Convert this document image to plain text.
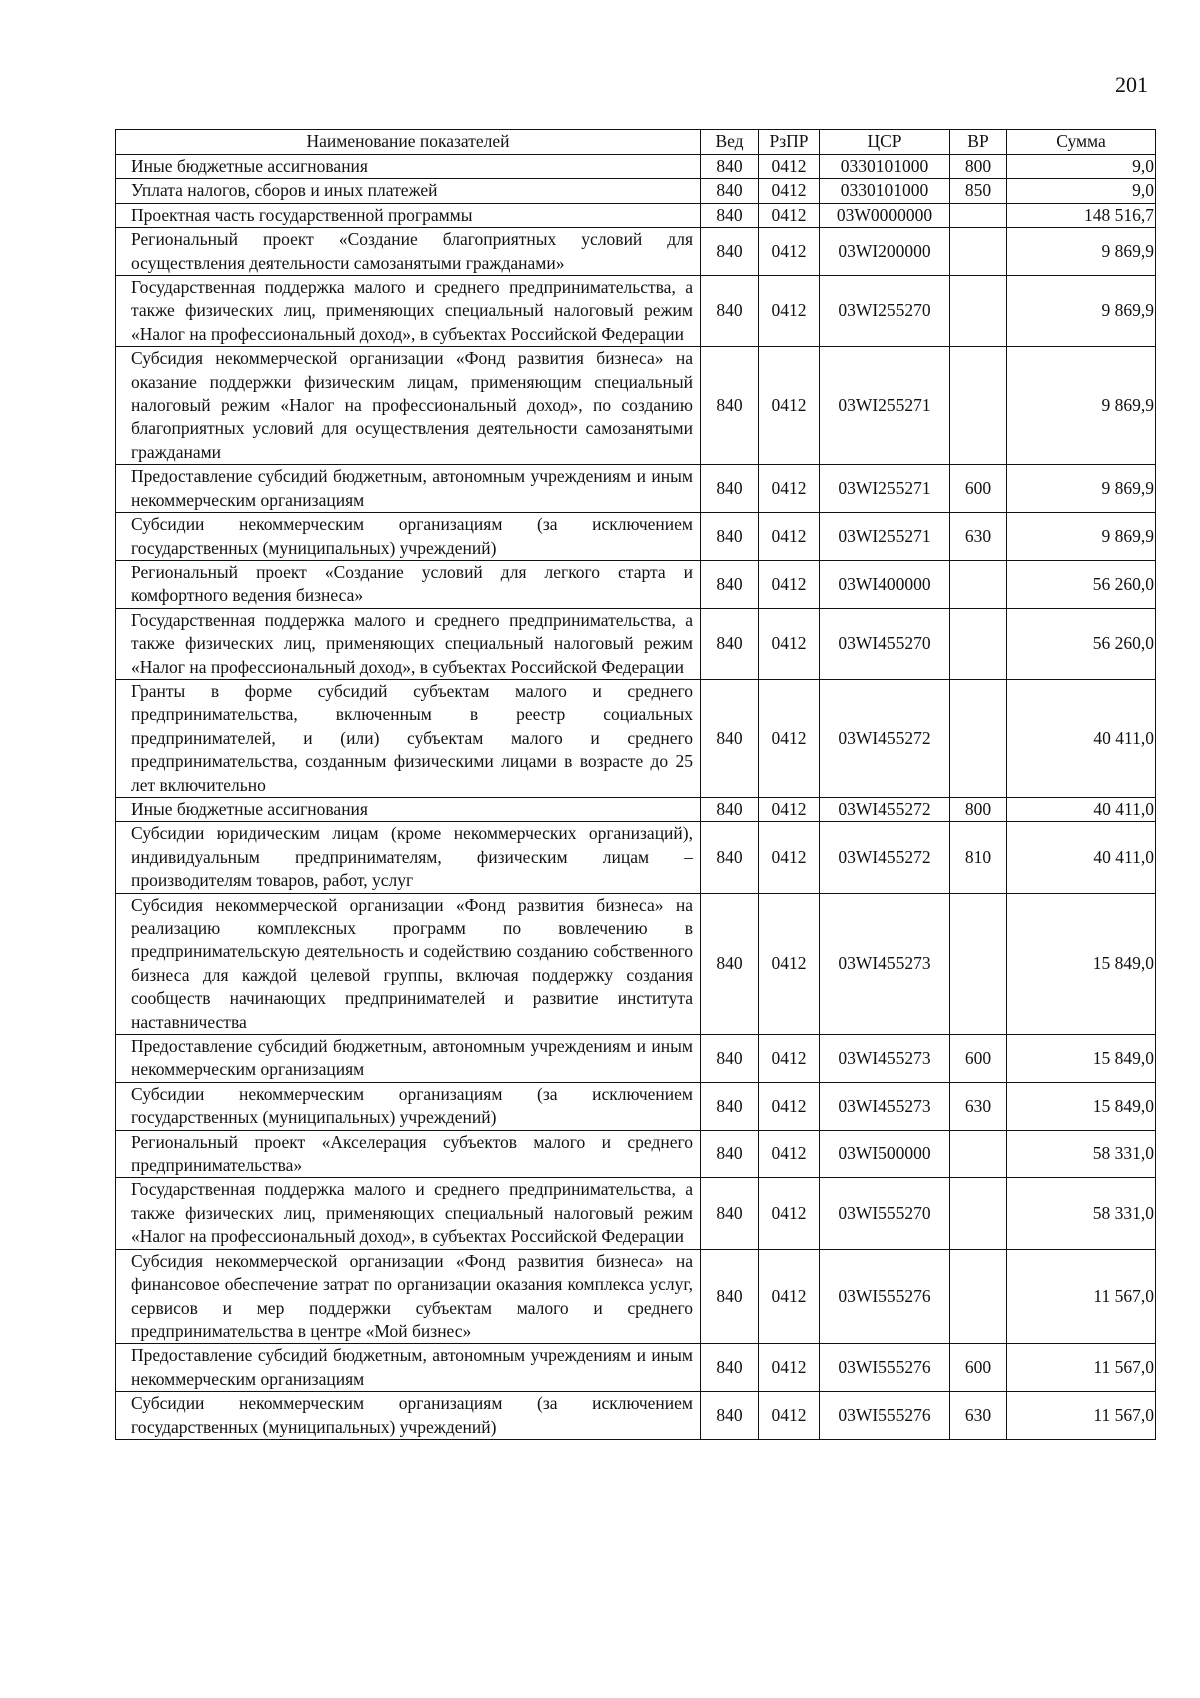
201
Наименование показателей	Вед	РзПР	ЦСР	ВР	Сумма
Иные бюджетные ассигнования	840	0412	0330101000	800	9,0
Уплата налогов, сборов и иных платежей	840	0412	0330101000	850	9,0
Проектная часть государственной программы	840	0412	03W0000000		148 516,7
Региональный проект «Создание благоприятных условий для осуществления деятельности самозанятыми гражданами»	840	0412	03WI200000		9 869,9
Государственная поддержка малого и среднего предпринимательства, а также физических лиц, применяющих специальный налоговый режим «Налог на профессиональный доход», в субъектах Российской Федерации	840	0412	03WI255270		9 869,9
Субсидия некоммерческой организации «Фонд развития бизнеса» на оказание поддержки физическим лицам, применяющим специальный налоговый режим «Налог на профессиональный доход», по созданию благоприятных условий для осуществления деятельности самозанятыми гражданами	840	0412	03WI255271		9 869,9
Предоставление субсидий бюджетным, автономным учреждениям и иным некоммерческим организациям	840	0412	03WI255271	600	9 869,9
Субсидии некоммерческим организациям (за исключением государственных (муниципальных) учреждений)	840	0412	03WI255271	630	9 869,9
Региональный проект «Создание условий для легкого старта и комфортного ведения бизнеса»	840	0412	03WI400000		56 260,0
Государственная поддержка малого и среднего предпринимательства, а также физических лиц, применяющих специальный налоговый режим «Налог на профессиональный доход», в субъектах Российской Федерации	840	0412	03WI455270		56 260,0
Гранты в форме субсидий субъектам малого и среднего предпринимательства, включенным в реестр социальных предпринимателей, и (или) субъектам малого и среднего предпринимательства, созданным физическими лицами в возрасте до 25 лет включительно	840	0412	03WI455272		40 411,0
Иные бюджетные ассигнования	840	0412	03WI455272	800	40 411,0
Субсидии юридическим лицам (кроме некоммерческих организаций), индивидуальным предпринимателям, физическим лицам – производителям товаров, работ, услуг	840	0412	03WI455272	810	40 411,0
Субсидия некоммерческой организации «Фонд развития бизнеса» на реализацию комплексных программ по вовлечению в предпринимательскую деятельность и содействию созданию собственного бизнеса для каждой целевой группы, включая поддержку создания сообществ начинающих предпринимателей и развитие института наставничества	840	0412	03WI455273		15 849,0
Предоставление субсидий бюджетным, автономным учреждениям и иным некоммерческим организациям	840	0412	03WI455273	600	15 849,0
Субсидии некоммерческим организациям (за исключением государственных (муниципальных) учреждений)	840	0412	03WI455273	630	15 849,0
Региональный проект «Акселерация субъектов малого и среднего предпринимательства»	840	0412	03WI500000		58 331,0
Государственная поддержка малого и среднего предпринимательства, а также физических лиц, применяющих специальный налоговый режим «Налог на профессиональный доход», в субъектах Российской Федерации	840	0412	03WI555270		58 331,0
Субсидия некоммерческой организации «Фонд развития бизнеса» на финансовое обеспечение затрат по организации оказания комплекса услуг, сервисов и мер поддержки субъектам малого и среднего предпринимательства в центре «Мой бизнес»	840	0412	03WI555276		11 567,0
Предоставление субсидий бюджетным, автономным учреждениям и иным некоммерческим организациям	840	0412	03WI555276	600	11 567,0
Субсидии некоммерческим организациям (за исключением государственных (муниципальных) учреждений)	840	0412	03WI555276	630	11 567,0
